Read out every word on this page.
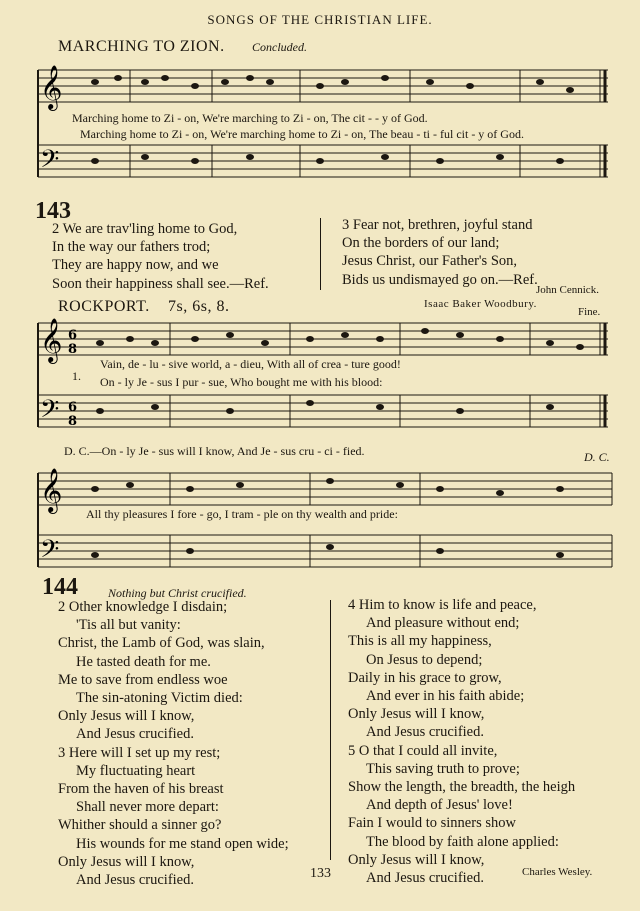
SONGS OF THE CHRISTIAN LIFE.
MARCHING TO ZION. Concluded.
𝄞
𝄢
Marching home to Zi - on, We're marching to Zi - on, The cit - - y of God.
Marching home to Zi - on, We're marching home to Zi - on, The beau - ti - ful cit - y of God.
143
2 We are trav'ling home to God,
In the way our fathers trod;
They are happy now, and we
Soon their happiness shall see.—Ref.
3 Fear not, brethren, joyful stand
On the borders of our land;
Jesus Christ, our Father's Son,
Bids us undismayed go on.—Ref.
John Cennick.
ROCKPORT. 7s, 6s, 8.	Isaac Baker Woodbury.
Fine.
𝄞
𝄢
𝄞
𝄢
6
8
6
8
1.
Vain, de - lu - sive world, a - dieu, With all of crea - ture good!
On - ly Je - sus I pur - sue, Who bought me with his blood:
D. C.—On - ly Je - sus will I know, And Je - sus cru - ci - fied.	D. C.
All thy pleasures I fore - go, I tram - ple on thy wealth and pride:
144	Nothing but Christ crucified.
2 Other knowledge I disdain;
'Tis all but vanity:
Christ, the Lamb of God, was slain,
He tasted death for me.
Me to save from endless woe
The sin-atoning Victim died:
Only Jesus will I know,
And Jesus crucified.
3 Here will I set up my rest;
My fluctuating heart
From the haven of his breast
Shall never more depart:
Whither should a sinner go?
His wounds for me stand open wide;
Only Jesus will I know,
And Jesus crucified.
4 Him to know is life and peace,
And pleasure without end;
This is all my happiness,
On Jesus to depend;
Daily in his grace to grow,
And ever in his faith abide;
Only Jesus will I know,
And Jesus crucified.
5 O that I could all invite,
This saving truth to prove;
Show the length, the breadth, the heigh
And depth of Jesus' love!
Fain I would to sinners show
The blood by faith alone applied:
Only Jesus will I know,
And Jesus crucified.
133	Charles Wesley.
